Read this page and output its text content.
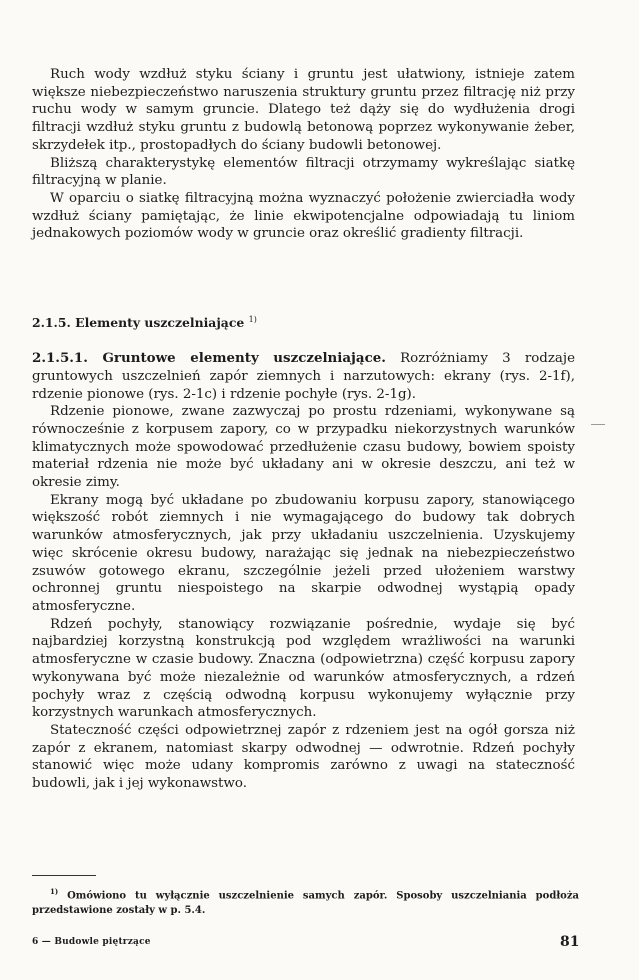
Ruch wody wzdłuż styku ściany i gruntu jest ułatwiony, istnieje zatem większe niebezpieczeństwo naruszenia struktury gruntu przez filtrację niż przy ruchu wody w samym gruncie. Dlatego też dąży się do wydłużenia drogi filtracji wzdłuż styku gruntu z budowlą betonową poprzez wykonywanie żeber, skrzydełek itp., prostopadłych do ściany budowli betonowej.

Bliższą charakterystykę elementów filtracji otrzymamy wykreślając siatkę filtracyjną w planie.

W oparciu o siatkę filtracyjną można wyznaczyć położenie zwierciadła wody wzdłuż ściany pamiętając, że linie ekwipotencjalne odpowiadają tu liniom jednakowych poziomów wody w gruncie oraz określić gradienty filtracji.

2.1.5. Elementy uszczelniające $^{1)}$

2.1.5.1. Gruntowe elementy uszczelniające. Rozróżniamy 3 rodzaje gruntowych uszczelnień zapór ziemnych i narzutowych: ekrany (rys. 2-1f), rdzenie pionowe (rys. 2-1c) i rdzenie pochyłe (rys. 2-1g).

Rdzenie pionowe, zwane zazwyczaj po prostu rdzeniami, wykonywane są równocześnie z korpusem zapory, co w przypadku niekorzystnych warunków klimatycznych może spowodować przedłużenie czasu budowy, bowiem spoisty materiał rdzenia nie może być układany ani w okresie deszczu, ani też w okresie zimy.

Ekrany mogą być układane po zbudowaniu korpusu zapory, stanowiącego większość robót ziemnych i nie wymagającego do budowy tak dobrych warunków atmosferycznych, jak przy układaniu uszczelnienia. Uzyskujemy więc skrócenie okresu budowy, narażając się jednak na niebezpieczeństwo zsuwów gotowego ekranu, szczególnie jeżeli przed ułożeniem warstwy ochronnej gruntu niespoistego na skarpie odwodnej wystąpią opady atmosferyczne.

Rdzeń pochyły, stanowiący rozwiązanie pośrednie, wydaje się być najbardziej korzystną konstrukcją pod względem wrażliwości na warunki atmosferyczne w czasie budowy. Znaczna (odpowietrzna) część korpusu zapory wykonywana być może niezależnie od warunków atmosferycznych, a rdzeń pochyły wraz z częścią odwodną korpusu wykonujemy wyłącznie przy korzystnych warunkach atmosferycznych.

Stateczność części odpowietrznej zapór z rdzeniem jest na ogół gorsza niż zapór z ekranem, natomiast skarpy odwodnej — odwrotnie. Rdzeń pochyły stanowić więc może udany kompromis zarówno z uwagi na stateczność budowli, jak i jej wykonawstwo.

$^{1)}$ Omówiono tu wyłącznie uszczelnienie samych zapór. Sposoby uszczelniania podłoża przedstawione zostały w p. 5.4.
6 — Budowle piętrzące	81
